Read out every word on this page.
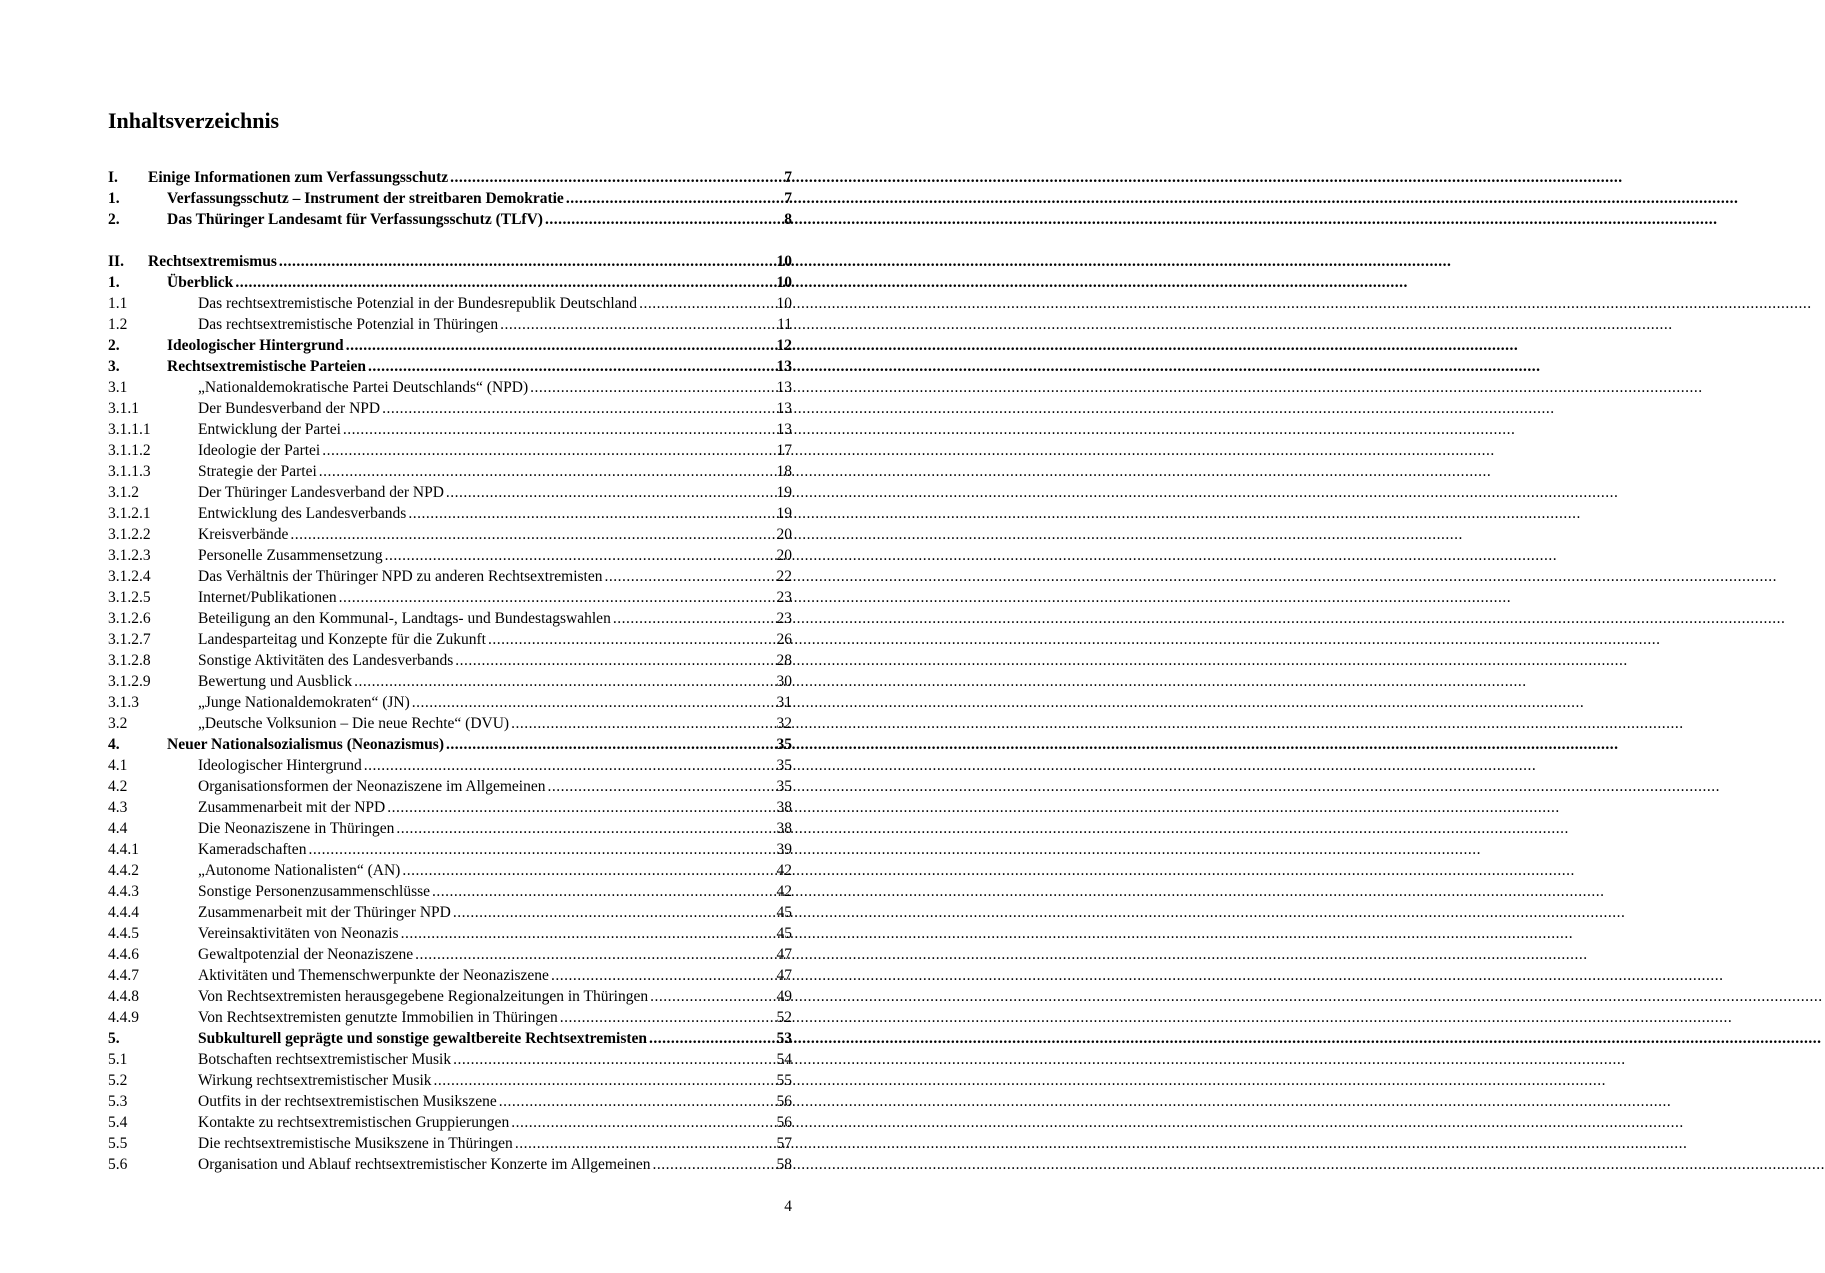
Inhaltsverzeichnis
I. Einige Informationen zum Verfassungsschutz .....	7
1.	Verfassungsschutz – Instrument der streitbaren Demokratie .....	7
2.	Das Thüringer Landesamt für Verfassungsschutz (TLfV) .....	8
II. Rechtsextremismus .....	10
1.	Überblick .....	10
1.1	Das rechtsextremistische Potenzial in der Bundesrepublik Deutschland .....	10
1.2	Das rechtsextremistische Potenzial in Thüringen .....	11
2.	Ideologischer Hintergrund .....	12
3.	Rechtsextremistische Parteien .....	13
3.1	„Nationaldemokratische Partei Deutschlands“ (NPD) .....	13
3.1.1	Der Bundesverband der NPD .....	13
3.1.1.1	Entwicklung der Partei .....	13
3.1.1.2	Ideologie der Partei .....	17
3.1.1.3	Strategie der Partei .....	18
3.1.2	Der Thüringer Landesverband der NPD .....	19
3.1.2.1	Entwicklung des Landesverbands .....	19
3.1.2.2	Kreisverbände .....	20
3.1.2.3	Personelle Zusammensetzung .....	20
3.1.2.4	Das Verhältnis der Thüringer NPD zu anderen Rechtsextremisten .....	22
3.1.2.5	Internet/Publikationen .....	23
3.1.2.6	Beteiligung an den Kommunal-, Landtags- und Bundestagswahlen .....	23
3.1.2.7	Landesparteitag und Konzepte für die Zukunft .....	26
3.1.2.8	Sonstige Aktivitäten des Landesverbands .....	28
3.1.2.9	Bewertung und Ausblick .....	30
3.1.3	„Junge Nationaldemokraten“ (JN) .....	31
3.2	„Deutsche Volksunion – Die neue Rechte“ (DVU) .....	32
4.	Neuer Nationalsozialismus (Neonazismus) .....	35
4.1	Ideologischer Hintergrund .....	35
4.2	Organisationsformen der Neonaziszene im Allgemeinen .....	35
4.3	Zusammenarbeit mit der NPD .....	38
4.4	Die Neonaziszene in Thüringen .....	38
4.4.1	Kameradschaften .....	39
4.4.2	„Autonome Nationalisten“ (AN) .....	42
4.4.3	Sonstige Personenzusammenschlüsse .....	42
4.4.4	Zusammenarbeit mit der Thüringer NPD .....	45
4.4.5	Vereinsaktivitäten von Neonazis .....	45
4.4.6	Gewaltpotenzial der Neonaziszene .....	47
4.4.7	Aktivitäten und Themenschwerpunkte der Neonaziszene .....	47
4.4.8	Von Rechtsextremisten herausgegebene Regionalzeitungen in Thüringen .....	49
4.4.9	Von Rechtsextremisten genutzte Immobilien in Thüringen .....	52
5.	Subkulturell geprägte und sonstige gewaltbereite Rechtsextremisten .....	53
5.1	Botschaften rechtsextremistischer Musik .....	54
5.2	Wirkung rechtsextremistischer Musik .....	55
5.3	Outfits in der rechtsextremistischen Musikszene .....	56
5.4	Kontakte zu rechtsextremistischen Gruppierungen .....	56
5.5	Die rechtsextremistische Musikszene in Thüringen .....	57
5.6	Organisation und Ablauf rechtsextremistischer Konzerte im Allgemeinen .....	58
4
